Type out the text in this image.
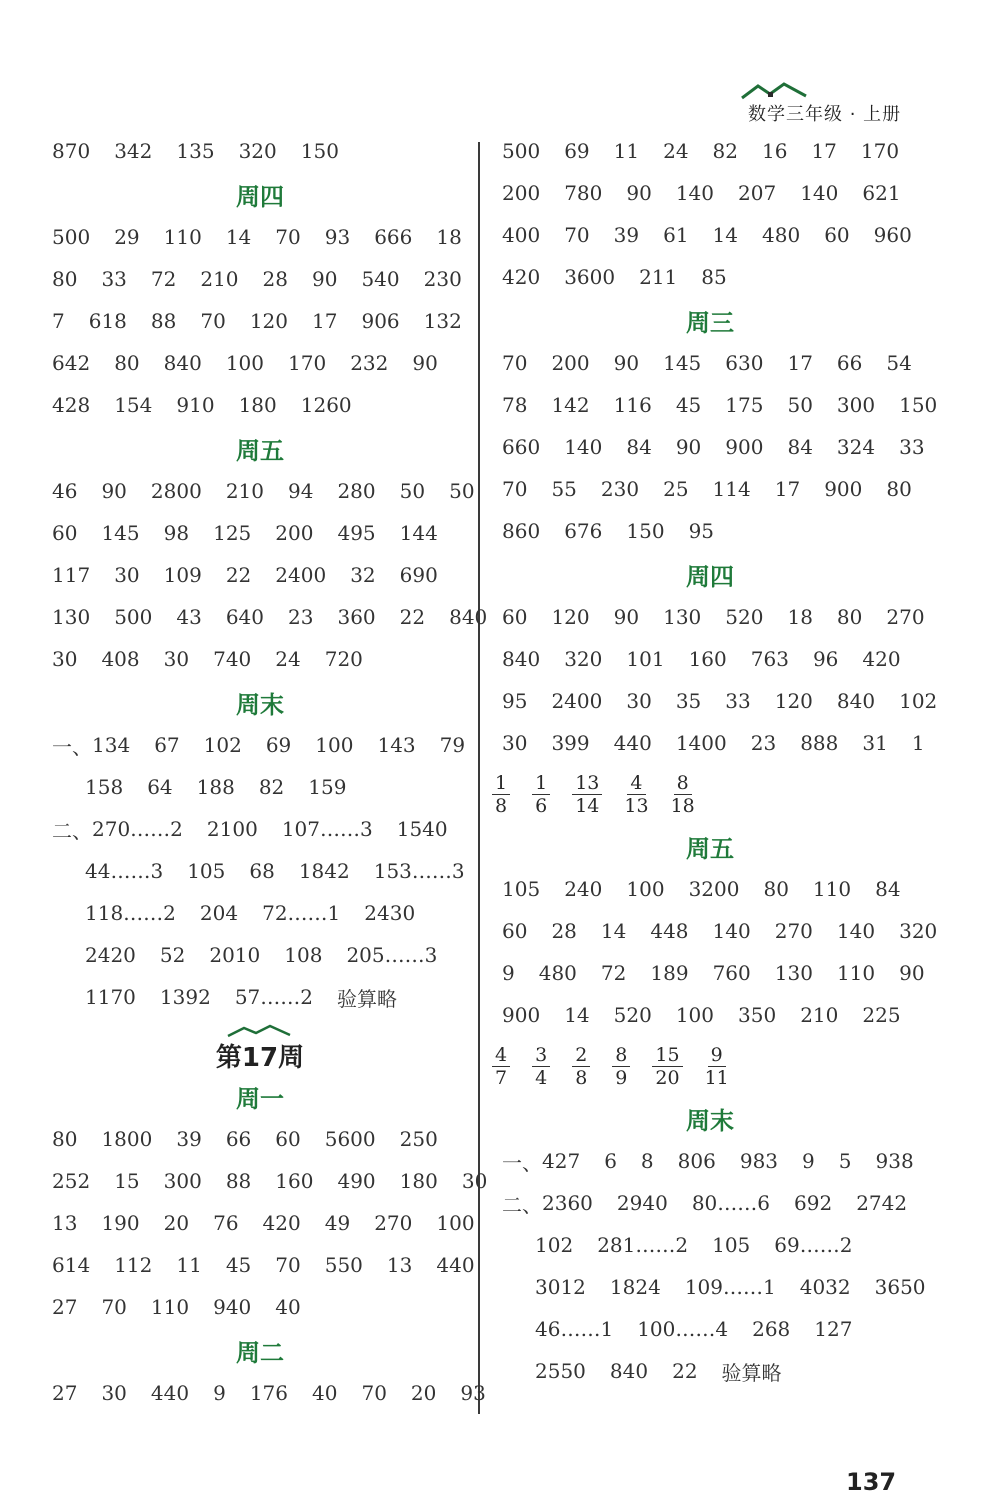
数学三年级 · 上册
870 342 135 320 150
周四
500 29 110 14 70 93 666 18
80 33 72 210 28 90 540 230
7 618 88 70 120 17 906 132
642 80 840 100 170 232 90
428 154 910 180 1260
周五
46 90 2800 210 94 280 50 50
60 145 98 125 200 495 144
117 30 109 22 2400 32 690
130 500 43 640 23 360 22 840
30 408 30 740 24 720
周末
一、 134 67 102 69 100 143 79
158 64 188 82 159
二、 270……2 2100 107……3 1540
44……3 105 68 1842 153……3
118……2 204 72……1 2430
2420 52 2010 108 205……3
1170 1392 57……2 验算略
第17周
周一
80 1800 39 66 60 5600 250
252 15 300 88 160 490 180 30
13 190 20 76 420 49 270 100
614 112 11 45 70 550 13 440
27 70 110 940 40
周二
27 30 440 9 176 40 70 20 93
500 69 11 24 82 16 17 170
200 780 90 140 207 140 621
400 70 39 61 14 480 60 960
420 3600 211 85
周三
70 200 90 145 630 17 66 54
78 142 116 45 175 50 300 150
660 140 84 90 900 84 324 33
70 55 230 25 114 17 900 80
860 676 150 95
周四
60 120 90 130 520 18 80 270
840 320 101 160 763 96 420
95 2400 30 35 33 120 840 102
30 399 440 1400 23 888 31 1
$\frac{1}{8} \frac{1}{6} \frac{13}{14} \frac{4}{13} \frac{8}{18}$
周五
105 240 100 3200 80 110 84
60 28 14 448 140 270 140 320
9 480 72 189 760 130 110 90
900 14 520 100 350 210 225
$\frac{4}{7} \frac{3}{4} \frac{2}{8} \frac{8}{9} \frac{15}{20} \frac{9}{11}$
周末
一、 427 6 8 806 983 9 5 938
二、 2360 2940 80……6 692 2742
102 281……2 105 69……2
3012 1824 109……1 4032 3650
46……1 100……4 268 127
2550 840 22 验算略
137
